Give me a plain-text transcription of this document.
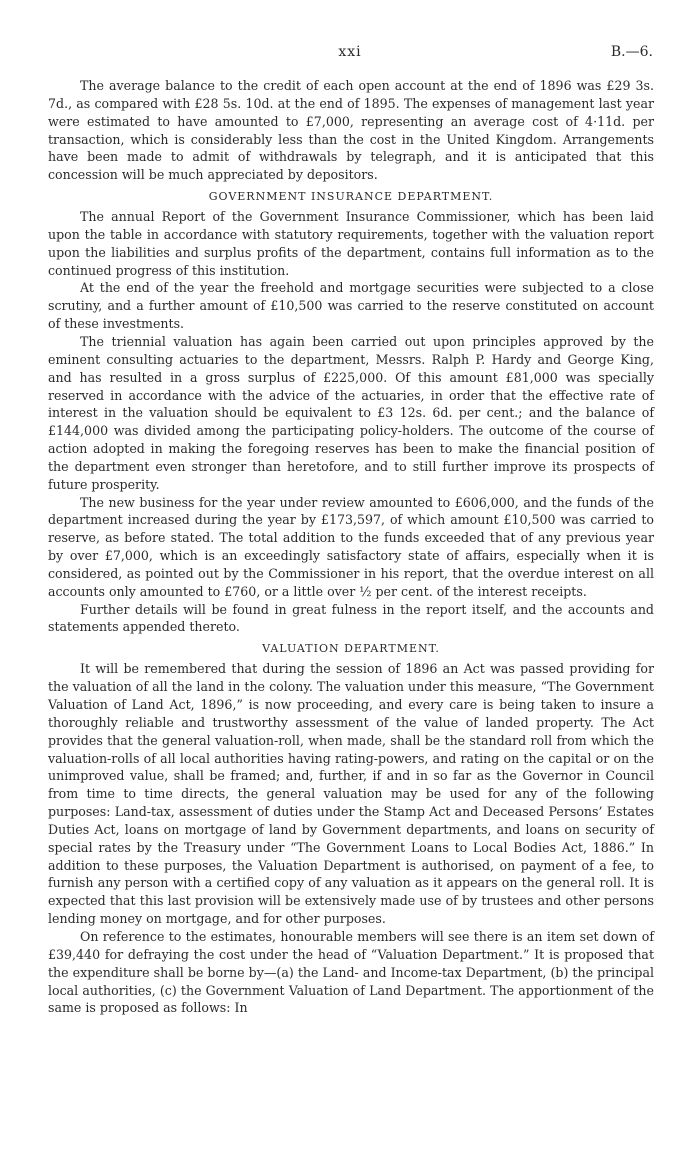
xxi	B.—6.

The average balance to the credit of each open account at the end of 1896 was £29 3s. 7d., as compared with £28 5s. 10d. at the end of 1895. The expenses of management last year were estimated to have amounted to £7,000, representing an average cost of 4·11d. per transaction, which is considerably less than the cost in the United Kingdom. Arrangements have been made to admit of withdrawals by telegraph, and it is anticipated that this concession will be much appreciated by depositors.

GOVERNMENT INSURANCE DEPARTMENT.

The annual Report of the Government Insurance Commissioner, which has been laid upon the table in accordance with statutory requirements, together with the valuation report upon the liabilities and surplus profits of the department, contains full information as to the continued progress of this institution.

At the end of the year the freehold and mortgage securities were subjected to a close scrutiny, and a further amount of £10,500 was carried to the reserve constituted on account of these investments.

The triennial valuation has again been carried out upon principles approved by the eminent consulting actuaries to the department, Messrs. Ralph P. Hardy and George King, and has resulted in a gross surplus of £225,000. Of this amount £81,000 was specially reserved in accordance with the advice of the actuaries, in order that the effective rate of interest in the valuation should be equivalent to £3 12s. 6d. per cent.; and the balance of £144,000 was divided among the participating policy-holders. The outcome of the course of action adopted in making the foregoing reserves has been to make the financial position of the department even stronger than heretofore, and to still further improve its prospects of future prosperity.

The new business for the year under review amounted to £606,000, and the funds of the department increased during the year by £173,597, of which amount £10,500 was carried to reserve, as before stated. The total addition to the funds exceeded that of any previous year by over £7,000, which is an exceedingly satisfactory state of affairs, especially when it is considered, as pointed out by the Commissioner in his report, that the overdue interest on all accounts only amounted to £760, or a little over ½ per cent. of the interest receipts.

Further details will be found in great fulness in the report itself, and the accounts and statements appended thereto.

VALUATION DEPARTMENT.

It will be remembered that during the session of 1896 an Act was passed providing for the valuation of all the land in the colony. The valuation under this measure, “The Government Valuation of Land Act, 1896,” is now proceeding, and every care is being taken to insure a thoroughly reliable and trustworthy assessment of the value of landed property. The Act provides that the general valuation-roll, when made, shall be the standard roll from which the valuation-rolls of all local authorities having rating-powers, and rating on the capital or on the unimproved value, shall be framed; and, further, if and in so far as the Governor in Council from time to time directs, the general valuation may be used for any of the following purposes: Land-tax, assessment of duties under the Stamp Act and Deceased Persons’ Estates Duties Act, loans on mortgage of land by Government departments, and loans on security of special rates by the Treasury under “The Government Loans to Local Bodies Act, 1886.” In addition to these purposes, the Valuation Department is authorised, on payment of a fee, to furnish any person with a certified copy of any valuation as it appears on the general roll. It is expected that this last provision will be extensively made use of by trustees and other persons lending money on mortgage, and for other purposes.

On reference to the estimates, honourable members will see there is an item set down of £39,440 for defraying the cost under the head of “Valuation Department.” It is proposed that the expenditure shall be borne by—(a) the Land- and Income-tax Department, (b) the principal local authorities, (c) the Government Valuation of Land Department. The apportionment of the same is proposed as follows: In
